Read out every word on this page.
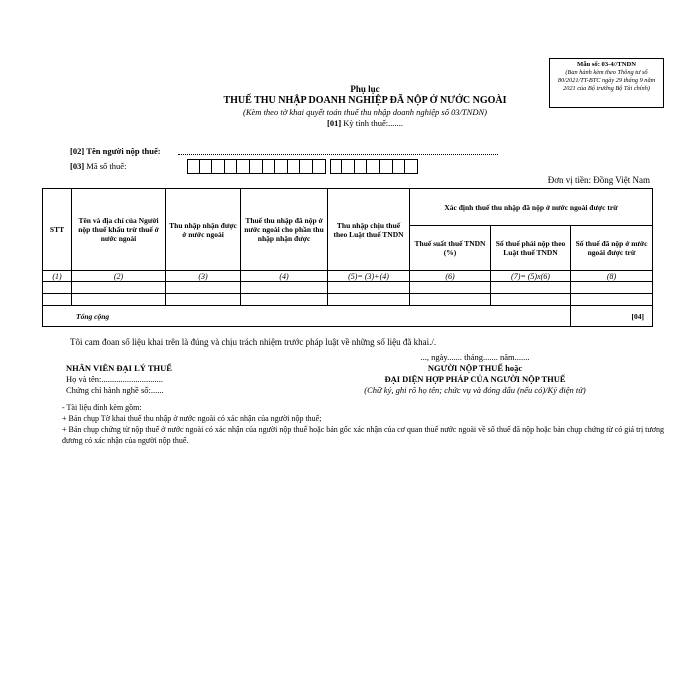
Mẫu số: 03-4//TNDN
(Ban hành kèm theo Thông tư số 80/2021/TT-BTC ngày 29 tháng 9 năm 2021 của Bộ trưởng Bộ Tài chính)
Phụ lục
THUẾ THU NHẬP DOANH NGHIỆP ĐÃ NỘP Ở NƯỚC NGOÀI
(Kèm theo tờ khai quyết toán thuế thu nhập doanh nghiệp số 03/TNDN)
[01] Kỳ tính thuế:.......
[02] Tên người nộp thuế:
[03] Mã số thuế:
Đơn vị tiền: Đồng Việt Nam
STT	Tên và địa chỉ của Người nộp thuế khấu trừ thuế ở nước ngoài	Thu nhập nhận được ở nước ngoài	Thuế thu nhập đã nộp ở nước ngoài cho phần thu nhập nhận được	Thu nhập chịu thuế theo Luật thuế TNDN	Xác định thuế thu nhập đã nộp ở nước ngoài được trừ		
					Thuế suất thuế TNDN (%)	Số thuế phải nộp theo Luật thuế TNDN	Số thuế đã nộp ở nước ngoài được trừ
(1)	(2)	(3)	(4)	(5)= (3)+(4)	(6)	(7)= (5)x(6)	(8)

Tổng cộng							[04]
Tôi cam đoan số liệu khai trên là đúng và chịu trách nhiệm trước pháp luật về những số liệu đã khai./.
NHÂN VIÊN ĐẠI LÝ THUẾ
Họ và tên:.............................
Chứng chỉ hành nghề số:......
..., ngày....... tháng....... năm.......
NGƯỜI NỘP THUẾ hoặc
ĐẠI DIỆN HỢP PHÁP CỦA NGƯỜI NỘP THUẾ
(Chữ ký, ghi rõ họ tên; chức vụ và đóng dấu (nếu có)/Ký điện tử)
- Tài liệu đính kèm gồm:
+ Bản chụp Tờ khai thuế thu nhập ở nước ngoài có xác nhận của người nộp thuế;
+ Bản chụp chứng từ nộp thuế ở nước ngoài có xác nhận của người nộp thuế hoặc bản gốc xác nhận của cơ quan thuế nước ngoài về số thuế đã nộp hoặc bản chụp chứng từ có giá trị tương đương có xác nhận của người nộp thuế.
